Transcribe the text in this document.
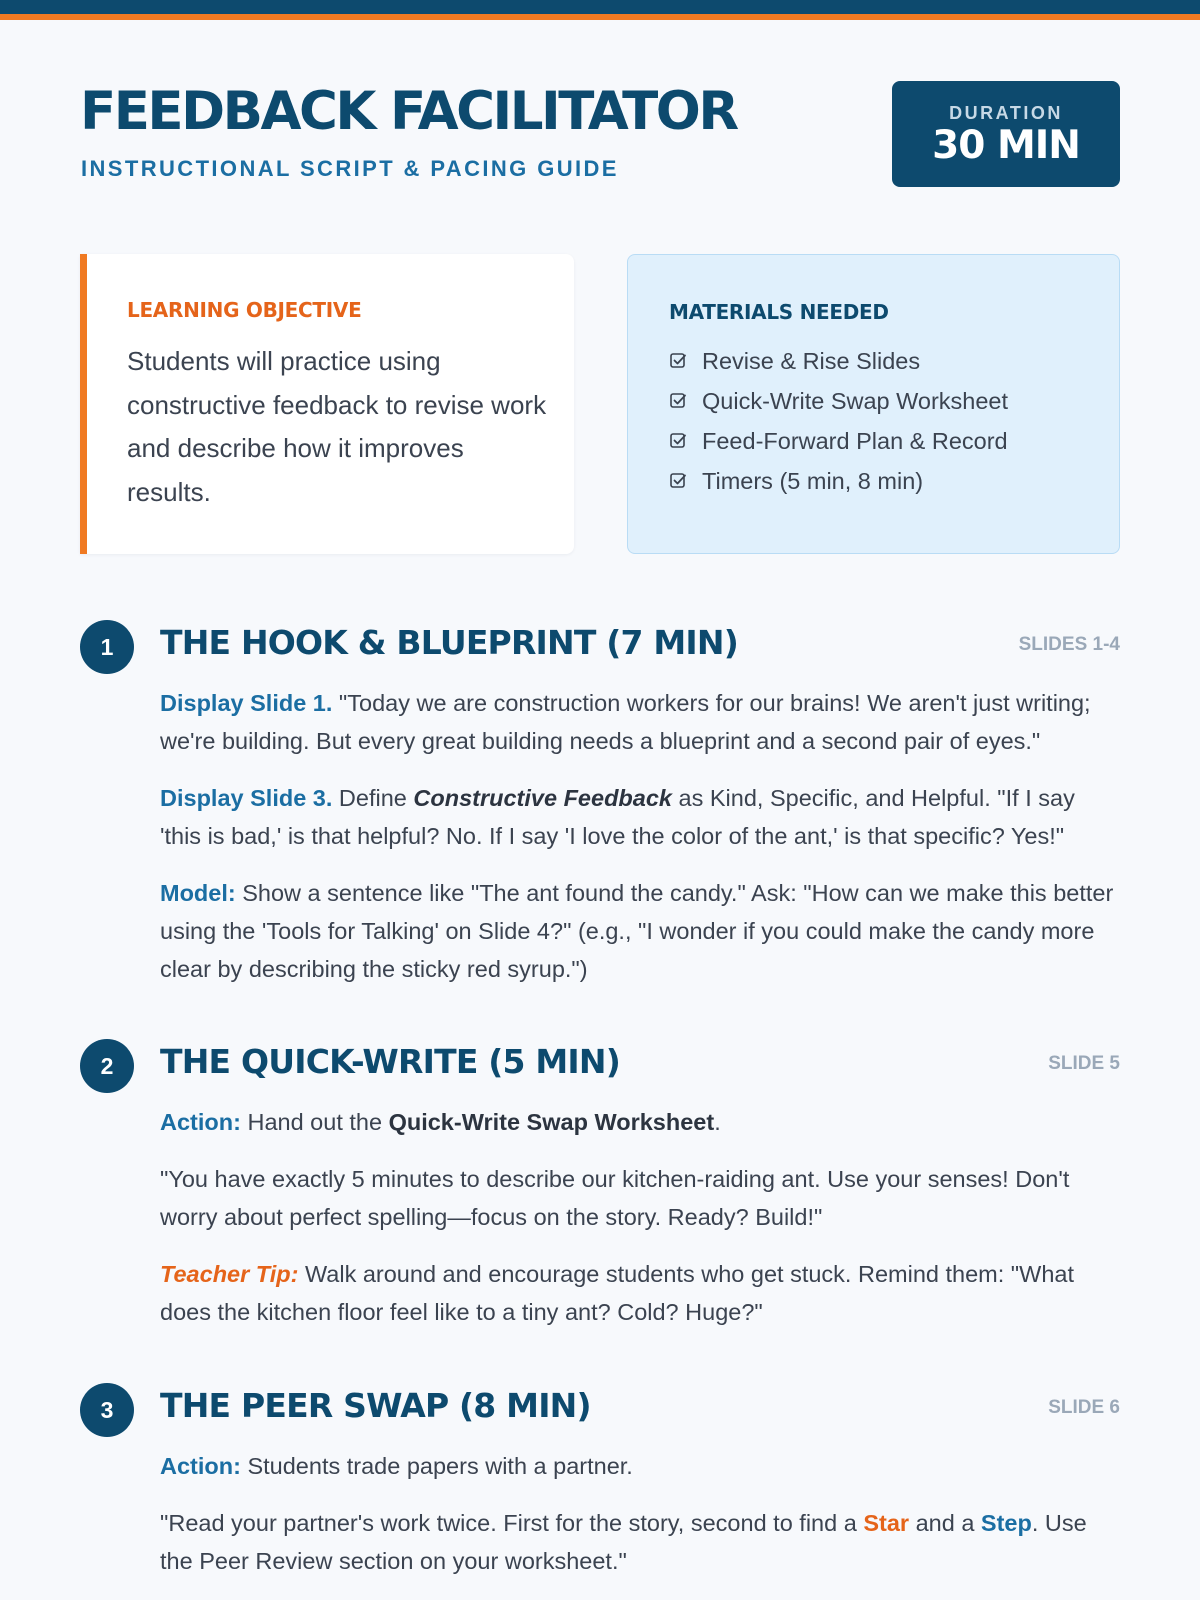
FEEDBACK FACILITATOR
INSTRUCTIONAL SCRIPT & PACING GUIDE
DURATION
30 MIN
LEARNING OBJECTIVE

Students will practice using constructive feedback to revise work and describe how it improves results.

MATERIALS NEEDED
Revise & Rise Slides
Quick-Write Swap Worksheet
Feed-Forward Plan & Record
Timers (5 min, 8 min)
1	THE HOOK & BLUEPRINT (7 MIN)	SLIDES 1-4

Display Slide 1. "Today we are construction workers for our brains! We aren't just writing; we're building. But every great building needs a blueprint and a second pair of eyes."

Display Slide 3. Define Constructive Feedback as Kind, Specific, and Helpful. "If I say 'this is bad,' is that helpful? No. If I say 'I love the color of the ant,' is that specific? Yes!"

Model: Show a sentence like "The ant found the candy." Ask: "How can we make this better using the 'Tools for Talking' on Slide 4?" (e.g., "I wonder if you could make the candy more clear by describing the sticky red syrup.")

2	THE QUICK-WRITE (5 MIN)	SLIDE 5

Action: Hand out the Quick-Write Swap Worksheet.

"You have exactly 5 minutes to describe our kitchen-raiding ant. Use your senses! Don't worry about perfect spelling—focus on the story. Ready? Build!"

Teacher Tip: Walk around and encourage students who get stuck. Remind them: "What does the kitchen floor feel like to a tiny ant? Cold? Huge?"

3	THE PEER SWAP (8 MIN)	SLIDE 6

Action: Students trade papers with a partner.

"Read your partner's work twice. First for the story, second to find a Star and a Step. Use the Peer Review section on your worksheet."
